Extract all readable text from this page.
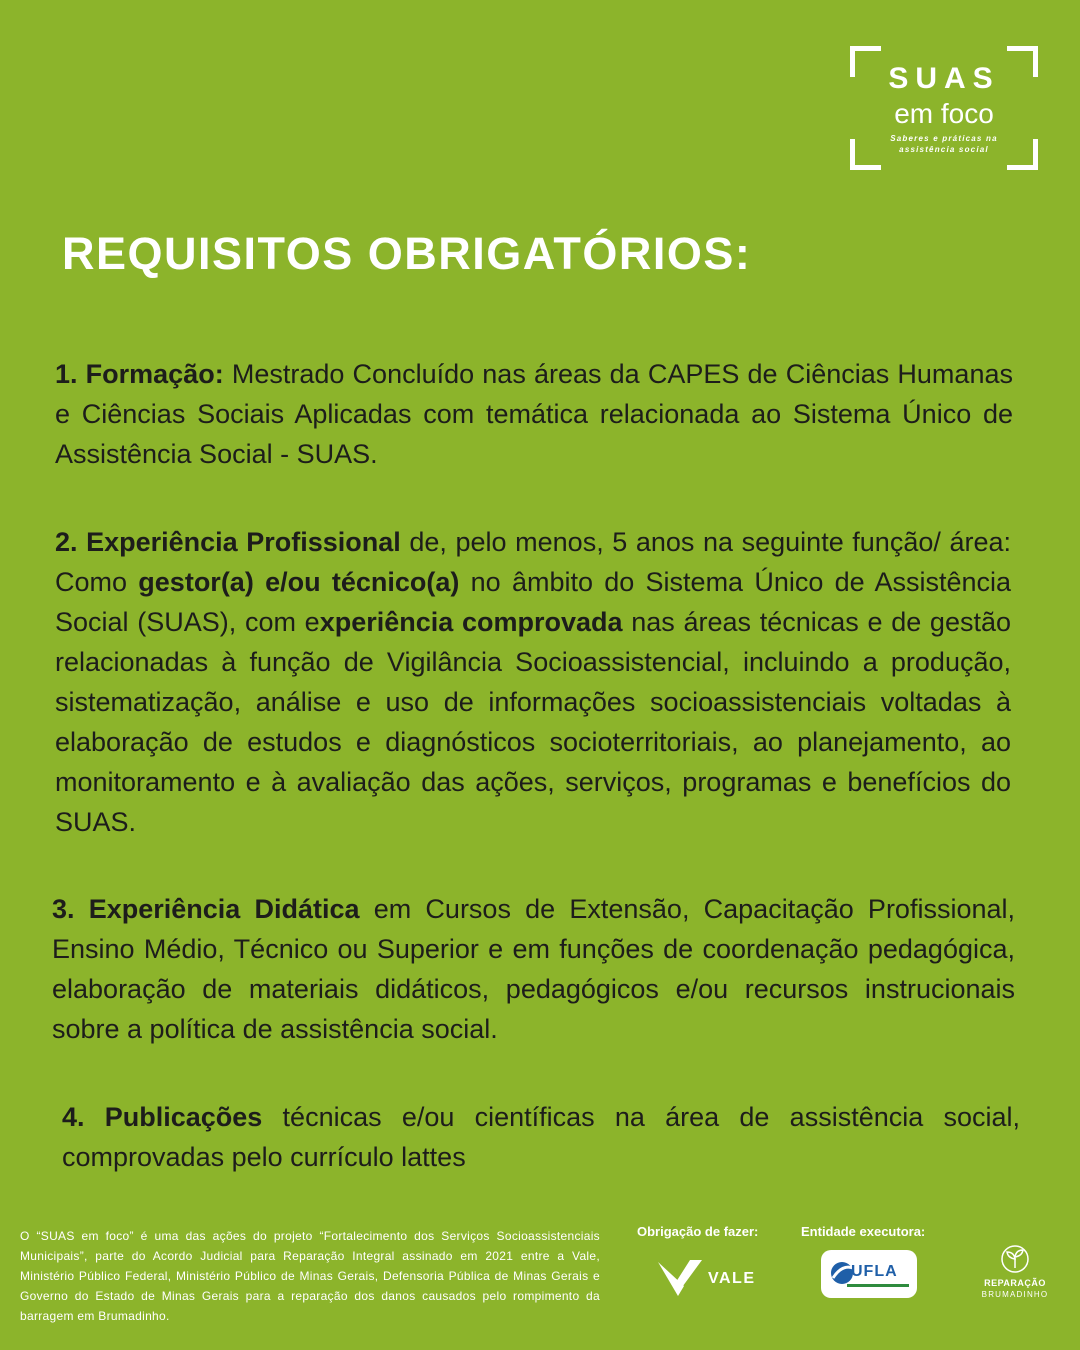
SUAS
em foco
Saberes e práticas na assistência social
REQUISITOS OBRIGATÓRIOS:

1. Formação: Mestrado Concluído nas áreas da CAPES de Ciências Humanas e Ciências Sociais Aplicadas com temática relacionada ao Sistema Único de Assistência Social - SUAS.

2. Experiência Profissional de, pelo menos, 5 anos na seguinte função/ área: Como gestor(a) e/ou técnico(a) no âmbito do Sistema Único de Assistência Social (SUAS), com experiência comprovada nas áreas técnicas e de gestão relacionadas à função de Vigilância Socioassistencial, incluindo a produção, sistematização, análise e uso de informações socioassistenciais voltadas à elaboração de estudos e diagnósticos socioterritoriais, ao planejamento, ao monitoramento e à avaliação das ações, serviços, programas e benefícios do SUAS.

3. Experiência Didática em Cursos de Extensão, Capacitação Profissional, Ensino Médio, Técnico ou Superior e em funções de coordenação pedagógica, elaboração de materiais didáticos, pedagógicos e/ou recursos instrucionais sobre a política de assistência social.

4. Publicações técnicas e/ou científicas na área de assistência social, comprovadas pelo currículo lattes

O “SUAS em foco” é uma das ações do projeto “Fortalecimento dos Serviços Socioassistenciais Municipais”, parte do Acordo Judicial para Reparação Integral assinado em 2021 entre a Vale, Ministério Público Federal, Ministério Público de Minas Gerais, Defensoria Pública de Minas Gerais e Governo do Estado de Minas Gerais para a reparação dos danos causados pelo rompimento da barragem em Brumadinho.

Obrigação de fazer:	Entidade executora:
VALE	UFLA
REPARAÇÃO
BRUMADINHO
